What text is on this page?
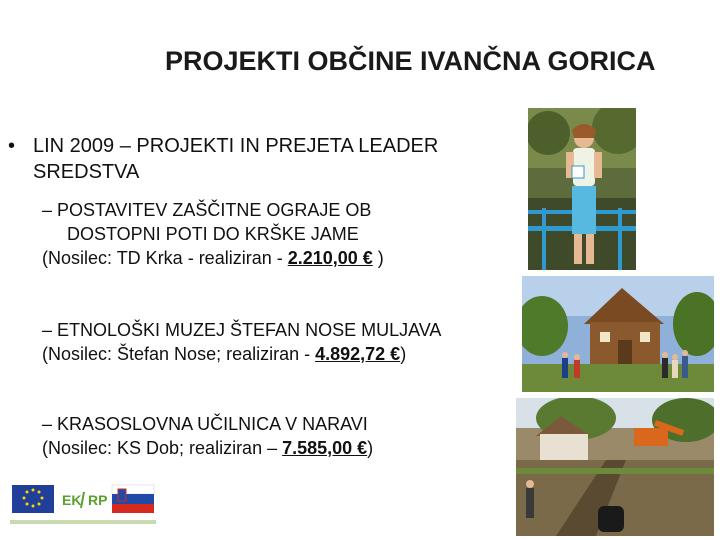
PROJEKTI OBČINE IVANČNA GORICA
• LIN 2009 – PROJEKTI IN PREJETA LEADER
SREDSTVA
– POSTAVITEV ZAŠČITNE OGRAJE OB
DOSTOPNI POTI DO KRŠKE JAME
(Nosilec: TD Krka - realiziran - 2.210,00 € )
– ETNOLOŠKI MUZEJ ŠTEFAN NOSE MULJAVA
(Nosilec: Štefan Nose; realiziran - 4.892,72 €)
– KRASOSLOVNA UČILNICA V NARAVI
(Nosilec: KS Dob; realiziran – 7.585,00 €)
EK RP
